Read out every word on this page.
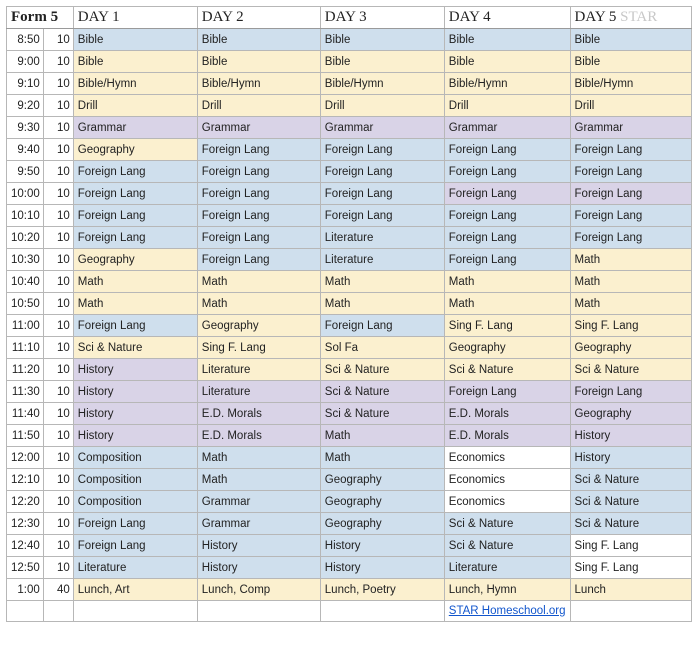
Form 5		DAY 1	DAY 2	DAY 3	DAY 4	DAY 5 STAR
8:50	10	Bible	Bible	Bible	Bible	Bible
9:00	10	Bible	Bible	Bible	Bible	Bible
9:10	10	Bible/Hymn	Bible/Hymn	Bible/Hymn	Bible/Hymn	Bible/Hymn
9:20	10	Drill	Drill	Drill	Drill	Drill
9:30	10	Grammar	Grammar	Grammar	Grammar	Grammar
9:40	10	Geography	Foreign Lang	Foreign Lang	Foreign Lang	Foreign Lang
9:50	10	Foreign Lang	Foreign Lang	Foreign Lang	Foreign Lang	Foreign Lang
10:00	10	Foreign Lang	Foreign Lang	Foreign Lang	Foreign Lang	Foreign Lang
10:10	10	Foreign Lang	Foreign Lang	Foreign Lang	Foreign Lang	Foreign Lang
10:20	10	Foreign Lang	Foreign Lang	Literature	Foreign Lang	Foreign Lang
10:30	10	Geography	Foreign Lang	Literature	Foreign Lang	Math
10:40	10	Math	Math	Math	Math	Math
10:50	10	Math	Math	Math	Math	Math
11:00	10	Foreign Lang	Geography	Foreign Lang	Sing F. Lang	Sing F. Lang
11:10	10	Sci & Nature	Sing F. Lang	Sol Fa	Geography	Geography
11:20	10	History	Literature	Sci & Nature	Sci & Nature	Sci & Nature
11:30	10	History	Literature	Sci & Nature	Foreign Lang	Foreign Lang
11:40	10	History	E.D. Morals	Sci & Nature	E.D. Morals	Geography
11:50	10	History	E.D. Morals	Math	E.D. Morals	History
12:00	10	Composition	Math	Math	Economics	History
12:10	10	Composition	Math	Geography	Economics	Sci & Nature
12:20	10	Composition	Grammar	Geography	Economics	Sci & Nature
12:30	10	Foreign Lang	Grammar	Geography	Sci & Nature	Sci & Nature
12:40	10	Foreign Lang	History	History	Sci & Nature	Sing F. Lang
12:50	10	Literature	History	History	Literature	Sing F. Lang
1:00	40	Lunch, Art	Lunch, Comp	Lunch, Poetry	Lunch, Hymn	Lunch
					STAR Homeschool.org	
